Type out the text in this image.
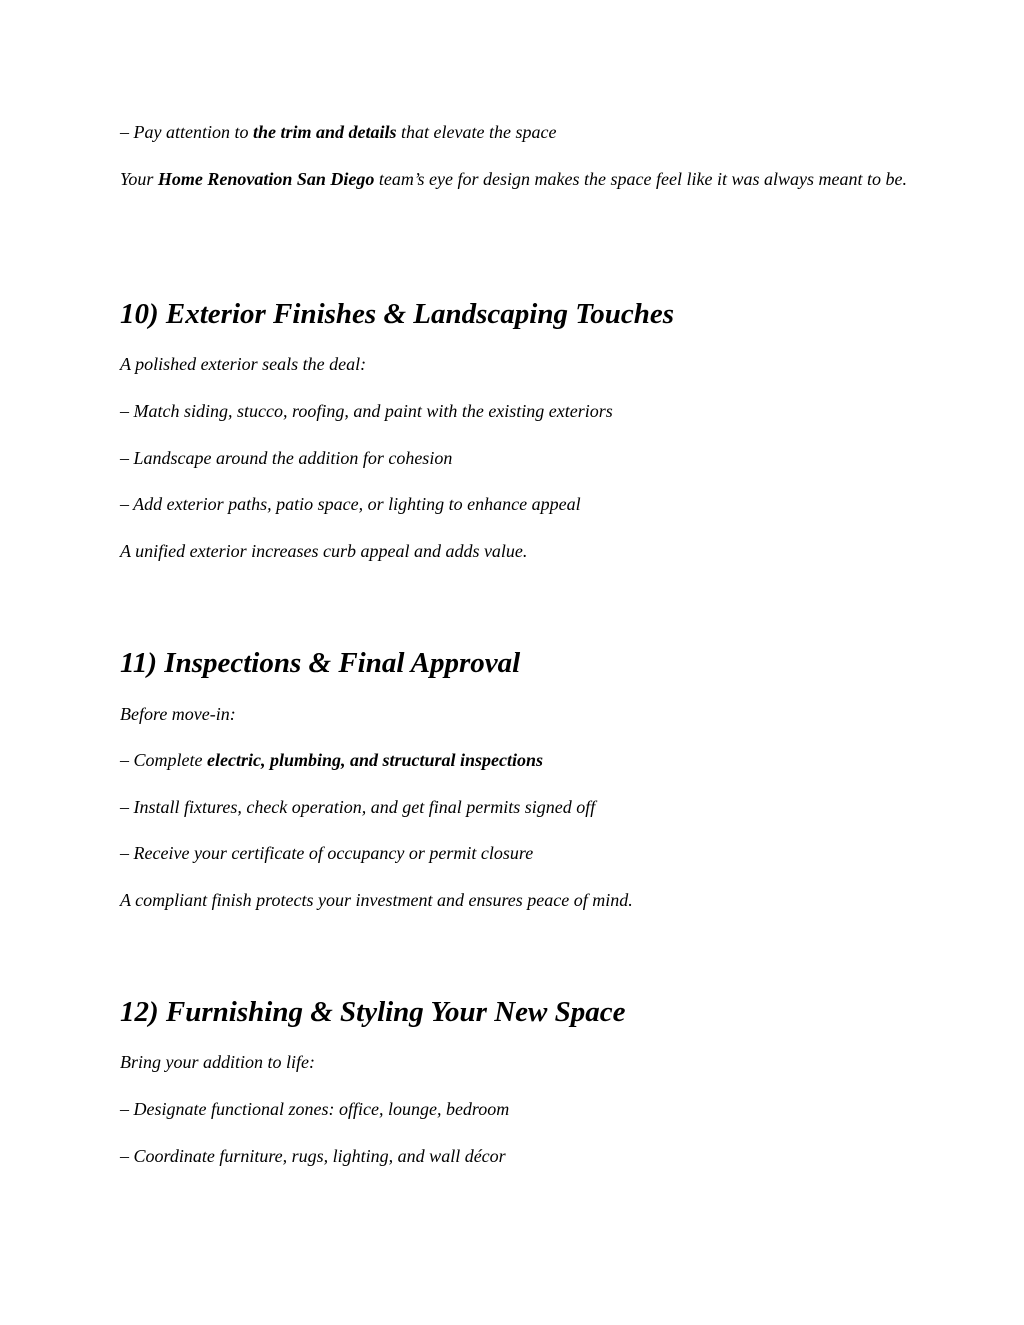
– Pay attention to the trim and details that elevate the space

Your Home Renovation San Diego team’s eye for design makes the space feel like it was always meant to be.

10) Exterior Finishes & Landscaping Touches

A polished exterior seals the deal:

– Match siding, stucco, roofing, and paint with the existing exteriors

– Landscape around the addition for cohesion

– Add exterior paths, patio space, or lighting to enhance appeal

A unified exterior increases curb appeal and adds value.

11) Inspections & Final Approval

Before move-in:

– Complete electric, plumbing, and structural inspections

– Install fixtures, check operation, and get final permits signed off

– Receive your certificate of occupancy or permit closure

A compliant finish protects your investment and ensures peace of mind.

12) Furnishing & Styling Your New Space

Bring your addition to life:

– Designate functional zones: office, lounge, bedroom

– Coordinate furniture, rugs, lighting, and wall décor
